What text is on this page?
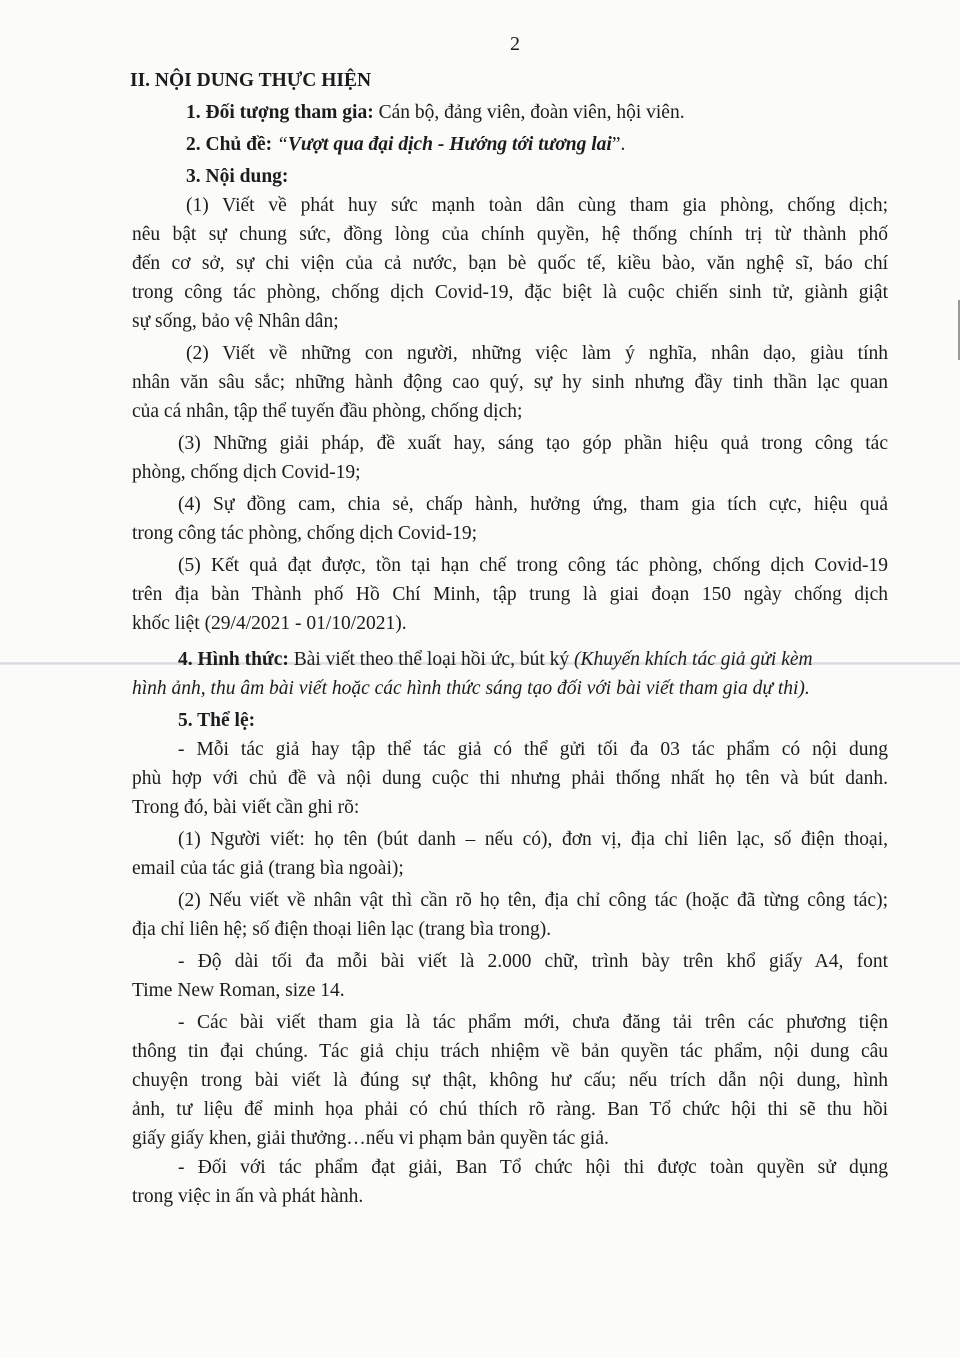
2
II. NỘI DUNG THỰC HIỆN
1. Đối tượng tham gia: Cán bộ, đảng viên, đoàn viên, hội viên.
2. Chủ đề: “Vượt qua đại dịch - Hướng tới tương lai”.
3. Nội dung:
(1) Viết về phát huy sức mạnh toàn dân cùng tham gia phòng, chống dịch;
nêu bật sự chung sức, đồng lòng của chính quyền, hệ thống chính trị từ thành phố
đến cơ sở, sự chi viện của cả nước, bạn bè quốc tế, kiều bào, văn nghệ sĩ, báo chí
trong công tác phòng, chống dịch Covid-19, đặc biệt là cuộc chiến sinh tử, giành giật
sự sống, bảo vệ Nhân dân;
(2) Viết về những con người, những việc làm ý nghĩa, nhân dạo, giàu tính
nhân văn sâu sắc; những hành động cao quý, sự hy sinh nhưng đầy tinh thần lạc quan
của cá nhân, tập thể tuyến đầu phòng, chống dịch;
(3) Những giải pháp, đề xuất hay, sáng tạo góp phần hiệu quả trong công tác
phòng, chống dịch Covid-19;
(4) Sự đồng cam, chia sẻ, chấp hành, hưởng ứng, tham gia tích cực, hiệu quả
trong công tác phòng, chống dịch Covid-19;
(5) Kết quả đạt được, tồn tại hạn chế trong công tác phòng, chống dịch Covid-19
trên địa bàn Thành phố Hồ Chí Minh, tập trung là giai đoạn 150 ngày chống dịch
khốc liệt (29/4/2021 - 01/10/2021).
4. Hình thức: Bài viết theo thể loại hồi ức, bút ký (Khuyến khích tác giả gửi kèm
hình ảnh, thu âm bài viết hoặc các hình thức sáng tạo đối với bài viết tham gia dự thi).
5. Thể lệ:
- Mỗi tác giả hay tập thể tác giả có thể gửi tối đa 03 tác phẩm có nội dung
phù hợp với chủ đề và nội dung cuộc thi nhưng phải thống nhất họ tên và bút danh.
Trong đó, bài viết cần ghi rõ:
(1) Người viết: họ tên (bút danh – nếu có), đơn vị, địa chỉ liên lạc, số điện thoại,
email của tác giả (trang bìa ngoài);
(2) Nếu viết về nhân vật thì cần rõ họ tên, địa chỉ công tác (hoặc đã từng công tác);
địa chỉ liên hệ; số điện thoại liên lạc (trang bìa trong).
- Độ dài tối đa mỗi bài viết là 2.000 chữ, trình bày trên khổ giấy A4, font
Time New Roman, size 14.
- Các bài viết tham gia là tác phẩm mới, chưa đăng tải trên các phương tiện
thông tin đại chúng. Tác giả chịu trách nhiệm về bản quyền tác phẩm, nội dung câu
chuyện trong bài viết là đúng sự thật, không hư cấu; nếu trích dẫn nội dung, hình
ảnh, tư liệu để minh họa phải có chú thích rõ ràng. Ban Tổ chức hội thi sẽ thu hồi
giấy giấy khen, giải thưởng…nếu vi phạm bản quyền tác giả.
- Đối với tác phẩm đạt giải, Ban Tổ chức hội thi được toàn quyền sử dụng
trong việc in ấn và phát hành.
